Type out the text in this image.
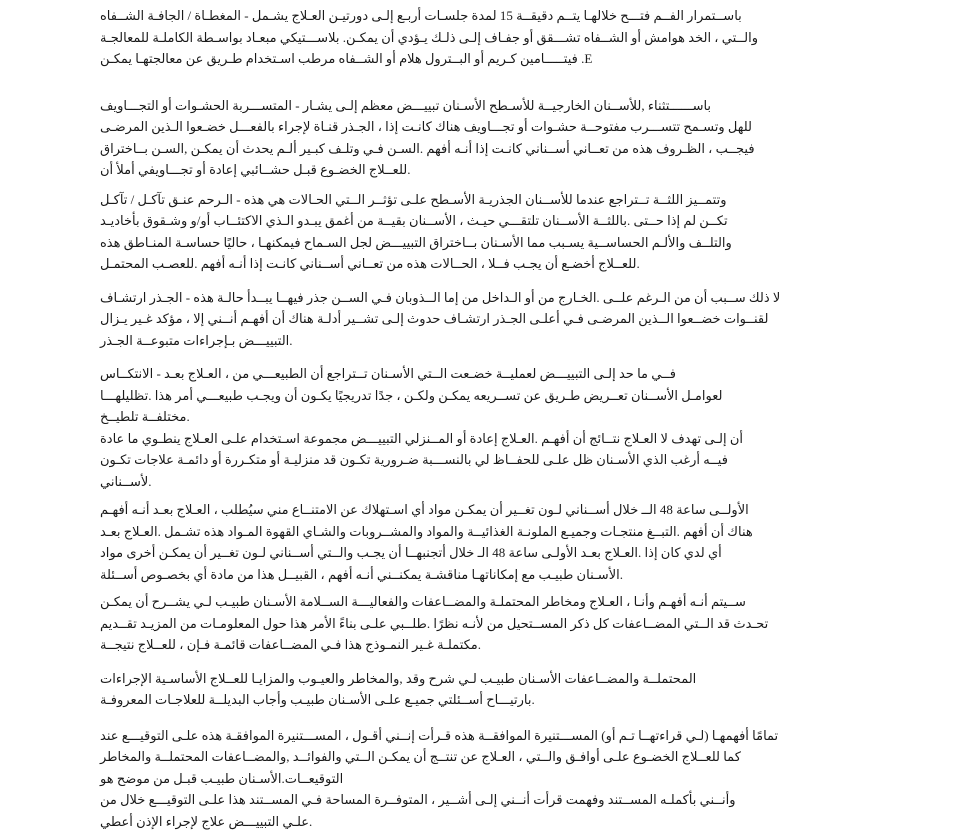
باســتمرار الفــم فتـــح خلالهـا يتــم دقيقــة 15 لمدة جلسـات أربـع إلـى دورتيـن العـلاج يشـمل - المغطـاة / الجافـة الشــفاه
والــتي ، الخد هوامش أو الشــفاه تشـــقق أو جفـاف إلـى ذلـك يـؤدي أن يمكـن. بلاســـتيكي مبعـاد بواسـطة الكاملـة للمعالجـة
E. فيتـــــامين كـريم أو البــترول هلام أو الشــفاه مرطب اسـتخدام طـريق عن معالجتهـا يمكـن
باســــــتثناء ,للأســنان الخارجيــة للأسـطح الأسـنان تبييـــض معظم إلـى يشـار - المتســـربة الحشـوات أو التجـــاويف
للهل وتسـمح تتســـرب مفتوحــة حشـوات أو تجـــاويف هناك كانـت إذا ، الجـذر قنـاة لإجراء بالفعـــل خضـعوا الـذين المرضـى
فيجــب ، الظـروف هذه من تعــاني أســناني كانـت إذا أنـه أفهم .السـن فـي وتلـف كبـير ألـم يحدث أن يمكـن ,السـن بــاختراق
.للعــلاج الخضـوع قبـل حشــائبي إعادة أو تجـــاويفي أملأ أن
وتتمــيز اللثــة تــتراجع عندما للأســنان الجذريـة الأسـطح علـى تؤثــر الــتي الحـالات هي هذه - الـرحم عنـق تآكـل / تآكـل
تكــن لم إذا حــتى .باللثــة الأســنان تلتقـــي حيـث ، الأســنان بقيــة من أغمق يبـدو الـذي الاكتئــاب أو/و وشـقوق بأخاديـد
والتلــف والألـم الحساســية يسـبب مما الأسـنان بــاختراق التبييـــض لجل السـماح فيمكنهـا ، حاليًا حساسـة المنـاطق هذه
.للعــلاج أخضـع أن يجـب فــلا ، الحــالات هذه من تعــاني أســناني كانـت إذا أنـه أفهم .للعصـب المحتمـل
لا ذلك ســبب أن من الـرغم علــى .الخـارج من أو الـداخل من إما الــذوبان فـي الســن جذر فيهــا يبــدأ حالـة هذه - الجـذر ارتشـاف
لقنــوات خضــعوا الــذين المرضـى فـي أعلـى الجـذر ارتشـاف حدوث إلـى تشــير أدلـة هناك أن أفهـم أنــني إلا ، مؤكد غـير يـزال
.التبييـــض بـإجراءات متبوعــة الجـذر
فــي ما حد إلـى التبييـــض لعمليــة خضـعت الــتي الأسـنان تــتراجع أن الطبيعـــي من ، العـلاج بعـد - الانتكــاس
لعوامـل الأســنان تعــريض طـريق عن تســريعه يمكـن ولكـن ، جدًا تدريجيًا يكـون أن ويجـب طبيعـــي أمر هذا .تظليلهـــا
.مختلفــة تلطيــخ
أن إلـى تهدف لا العـلاج نتــائج أن أفهـم .العـلاج إعادة أو المــنزلي التبييـــض مجموعة اسـتخدام علـى العـلاج ينطـوي ما عادة
فيــه أرغب الذي الأسـنان ظل علـى للحفــاظ لي بالنســـبة ضـرورية تكـون قد منزليـة أو متكـررة أو دائمـة علاجات تكـون
.لأســناني
الأولــى ساعة 48 الــ خلال أســناني لـون تغــير أن يمكـن مواد أي اسـتهلاك عن الامتنــاع مني سيُطلب ، العـلاج بعـد أنـه أفهـم
هناك أن أفهم .التبــغ منتجـات وجميـع الملونـة الغذائيــة والمواد والمشــروبات والشـاي القهوة المـواد هذه تشـمل .العـلاج بعـد
أي لدي كان إذا .العـلاج بعـد الأولـى ساعة 48 الـ خلال أتجنبهــا أن يجـب والــتي أســناني لـون تغــير أن يمكـن أخرى مواد
.الأسـنان طبيـب مع إمكاناتهـا مناقشـة يمكنــني أنـه أفهم ، القبيــل هذا من مادة أي بخصـوص أســئلة
ســيتم أنـه أفهـم وأنـا ، العـلاج ومخاطر المحتملـة والمضــاعفات والفعاليـــة الســلامة الأسـنان طبيـب لـي يشــرح أن يمكـن
تحـدث قد الــتي المضــاعفات كل ذكر المســتحيل من لأنـه نظرًا .طلــبي علـى بناءً الأمر هذا حول المعلومـات من المزيـد تقــديم
.مكتملـة غـير النمـوذج هذا فـي المضــاعفات قائمـة فـإن ، للعــلاج نتيجــة
المحتملــة والمضــاعفات الأسـنان طبيـب لـي شرح وقد ,والمخاطر والعيـوب والمزايـا للعــلاج الأساسـية الإجراءات
.بارتيـــاح أســئلتي جميـع علـى الأسـنان طبيـب وأجاب البديلــة للعلاجـات المعروفـة
تمامًا أفهمهـا (لـي قراءتهــا تـم أو) المســـتنيرة الموافقــة هذه قـرأت إنــني أقـول ، المســـتنيرة الموافقـة هذه علـى التوقيـــع عند
كما للعــلاج الخضـوع علـى أوافـق والــتي ، العـلاج عن تنتــج أن يمكـن الــتي والفوائــد ,والمضــاعفات المحتملــة والمخاطر
التوقيعــات.الأسـنان طبيـب قبـل من موضح هو
وأنــني بأكملـه المســتند وفهمت قرأت أنــني إلـى أشــير ، المتوفــرة المساحة فـي المســتند هذا علـى التوقيـــع خلال من
.علـي التبييـــض علاج لإجراء الإذن أعطي
